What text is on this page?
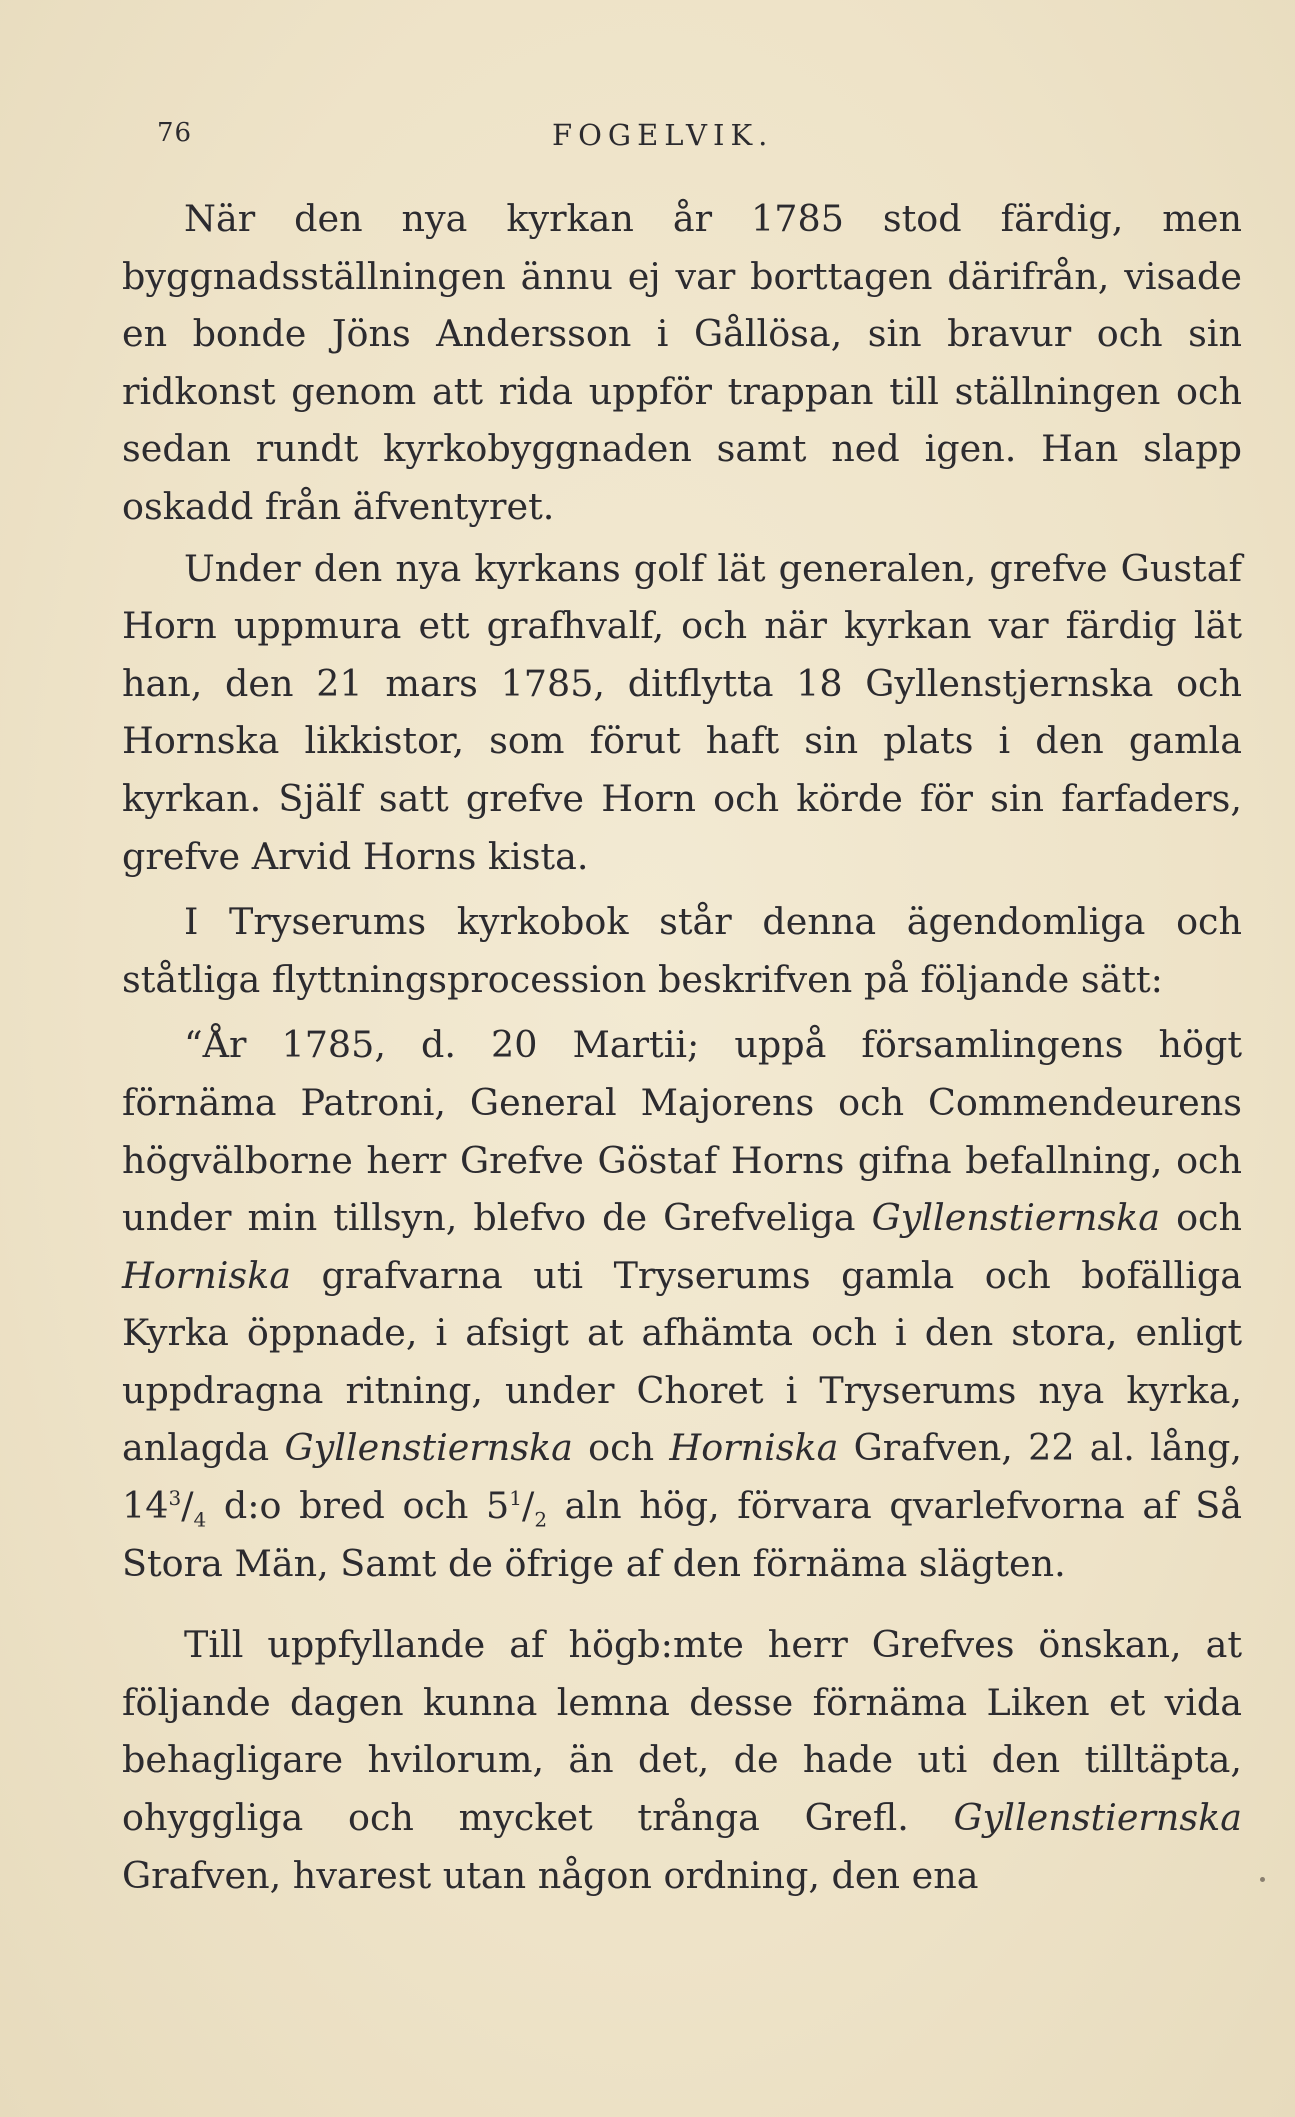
76	FOGELVIK.

När den nya kyrkan år 1785 stod färdig, men byggnadsställningen ännu ej var borttagen därifrån, visade en bonde Jöns Andersson i Gållösa, sin bravur och sin ridkonst genom att rida uppför trappan till ställningen och sedan rundt kyrkobyggnaden samt ned igen. Han slapp oskadd från äfventyret.

Under den nya kyrkans golf lät generalen, grefve Gustaf Horn uppmura ett grafhvalf, och när kyrkan var färdig lät han, den 21 mars 1785, ditflytta 18 Gyllenstjernska och Hornska likkistor, som förut haft sin plats i den gamla kyrkan. Själf satt grefve Horn och körde för sin farfaders, grefve Arvid Horns kista.

I Tryserums kyrkobok står denna ägendomliga och ståtliga flyttningsprocession beskrifven på följande sätt:

“År 1785, d. 20 Martii; uppå församlingens högt förnäma Patroni, General Majorens och Commendeurens högvälborne herr Grefve Göstaf Horns gifna befallning, och under min tillsyn, blefvo de Grefveliga Gyllenstiernska och Horniska grafvarna uti Tryserums gamla och bofälliga Kyrka öppnade, i afsigt at afhämta och i den stora, enligt uppdragna ritning, under Choret i Tryserums nya kyrka, anlagda Gyllenstiernska och Horniska Grafven, 22 al. lång, $14^3/_4$ d:o bred och $5^1/_2$ aln hög, förvara qvarlefvorna af Så Stora Män, Samt de öfrige af den förnäma slägten.

Till uppfyllande af högb:mte herr Grefves önskan, at följande dagen kunna lemna desse förnäma Liken et vida behagligare hvilorum, än det, de hade uti den tilltäpta, ohyggliga och mycket trånga Grefl. Gyllenstiernska Grafven, hvarest utan någon ordning, den ena
